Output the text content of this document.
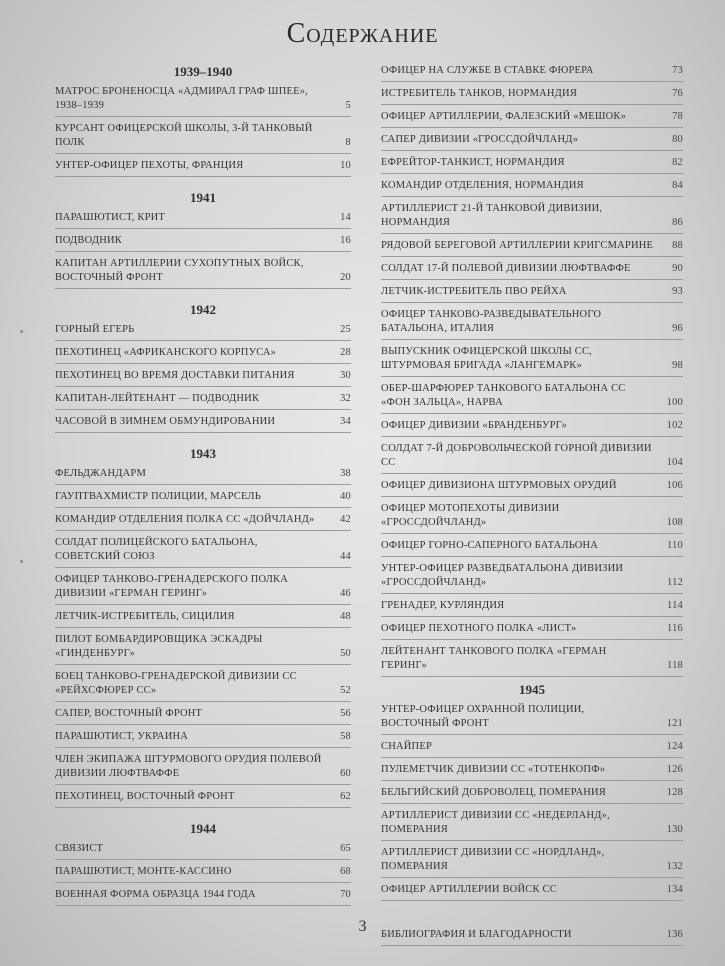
Содержание
1939–1940
МАТРОС БРОНЕНОСЦА «АДМИРАЛ ГРАФ ШПЕЕ», 1938–1939	5
КУРСАНТ ОФИЦЕРСКОЙ ШКОЛЫ, 3-Й ТАНКОВЫЙ ПОЛК	8
УНТЕР-ОФИЦЕР ПЕХОТЫ, ФРАНЦИЯ	10
1941
ПАРАШЮТИСТ, КРИТ	14
ПОДВОДНИК	16
КАПИТАН АРТИЛЛЕРИИ СУХОПУТНЫХ ВОЙСК, ВОСТОЧНЫЙ ФРОНТ	20
1942
ГОРНЫЙ ЕГЕРЬ	25
ПЕХОТИНЕЦ «АФРИКАНСКОГО КОРПУСА»	28
ПЕХОТИНЕЦ ВО ВРЕМЯ ДОСТАВКИ ПИТАНИЯ	30
КАПИТАН-ЛЕЙТЕНАНТ — ПОДВОДНИК	32
ЧАСОВОЙ В ЗИМНЕМ ОБМУНДИРОВАНИИ	34
1943
ФЕЛЬДЖАНДАРМ	38
ГАУПТВАХМИСТР ПОЛИЦИИ, МАРСЕЛЬ	40
КОМАНДИР ОТДЕЛЕНИЯ ПОЛКА СС «ДОЙЧЛАНД»	42
СОЛДАТ ПОЛИЦЕЙСКОГО БАТАЛЬОНА, СОВЕТСКИЙ СОЮЗ	44
ОФИЦЕР ТАНКОВО-ГРЕНАДЕРСКОГО ПОЛКА ДИВИЗИИ «ГЕРМАН ГЕРИНГ»	46
ЛЕТЧИК-ИСТРЕБИТЕЛЬ, СИЦИЛИЯ	48
ПИЛОТ БОМБАРДИРОВЩИКА ЭСКАДРЫ «ГИНДЕНБУРГ»	50
БОЕЦ ТАНКОВО-ГРЕНАДЕРСКОЙ ДИВИЗИИ СС «РЕЙХСФЮРЕР СС»	52
САПЕР, ВОСТОЧНЫЙ ФРОНТ	56
ПАРАШЮТИСТ, УКРАИНА	58
ЧЛЕН ЭКИПАЖА ШТУРМОВОГО ОРУДИЯ ПОЛЕВОЙ ДИВИЗИИ ЛЮФТВАФФЕ	60
ПЕХОТИНЕЦ, ВОСТОЧНЫЙ ФРОНТ	62
1944
СВЯЗИСТ	65
ПАРАШЮТИСТ, МОНТЕ-КАССИНО	68
ВОЕННАЯ ФОРМА ОБРАЗЦА 1944 ГОДА	70
ОФИЦЕР НА СЛУЖБЕ В СТАВКЕ ФЮРЕРА	73
ИСТРЕБИТЕЛЬ ТАНКОВ, НОРМАНДИЯ	76
ОФИЦЕР АРТИЛЛЕРИИ, ФАЛЕЗСКИЙ «МЕШОК»	78
САПЕР ДИВИЗИИ «ГРОССДОЙЧЛАНД»	80
ЕФРЕЙТОР-ТАНКИСТ, НОРМАНДИЯ	82
КОМАНДИР ОТДЕЛЕНИЯ, НОРМАНДИЯ	84
АРТИЛЛЕРИСТ 21-Й ТАНКОВОЙ ДИВИЗИИ, НОРМАНДИЯ	86
РЯДОВОЙ БЕРЕГОВОЙ АРТИЛЛЕРИИ КРИГСМАРИНЕ	88
СОЛДАТ 17-Й ПОЛЕВОЙ ДИВИЗИИ ЛЮФТВАФФЕ	90
ЛЕТЧИК-ИСТРЕБИТЕЛЬ ПВО РЕЙХА	93
ОФИЦЕР ТАНКОВО-РАЗВЕДЫВАТЕЛЬНОГО БАТАЛЬОНА, ИТАЛИЯ	96
ВЫПУСКНИК ОФИЦЕРСКОЙ ШКОЛЫ СС, ШТУРМОВАЯ БРИГАДА «ЛАНГЕМАРК»	98
ОБЕР-ШАРФЮРЕР ТАНКОВОГО БАТАЛЬОНА СС «ФОН ЗАЛЬЦА», НАРВА	100
ОФИЦЕР ДИВИЗИИ «БРАНДЕНБУРГ»	102
СОЛДАТ 7-Й ДОБРОВОЛЬЧЕСКОЙ ГОРНОЙ ДИВИЗИИ СС	104
ОФИЦЕР ДИВИЗИОНА ШТУРМОВЫХ ОРУДИЙ	106
ОФИЦЕР МОТОПЕХОТЫ ДИВИЗИИ «ГРОССДОЙЧЛАНД»	108
ОФИЦЕР ГОРНО-САПЕРНОГО БАТАЛЬОНА	110
УНТЕР-ОФИЦЕР РАЗВЕДБАТАЛЬОНА ДИВИЗИИ «ГРОССДОЙЧЛАНД»	112
ГРЕНАДЕР, КУРЛЯНДИЯ	114
ОФИЦЕР ПЕХОТНОГО ПОЛКА «ЛИСТ»	116
ЛЕЙТЕНАНТ ТАНКОВОГО ПОЛКА «ГЕРМАН ГЕРИНГ»	118
1945
УНТЕР-ОФИЦЕР ОХРАННОЙ ПОЛИЦИИ, ВОСТОЧНЫЙ ФРОНТ	121
СНАЙПЕР	124
ПУЛЕМЕТЧИК ДИВИЗИИ СС «ТОТЕНКОПФ»	126
БЕЛЬГИЙСКИЙ ДОБРОВОЛЕЦ, ПОМЕРАНИЯ	128
АРТИЛЛЕРИСТ ДИВИЗИИ СС «НЕДЕРЛАНД», ПОМЕРАНИЯ	130
АРТИЛЛЕРИСТ ДИВИЗИИ СС «НОРДЛАНД», ПОМЕРАНИЯ	132
ОФИЦЕР АРТИЛЛЕРИИ ВОЙСК СС	134
БИБЛИОГРАФИЯ И БЛАГОДАРНОСТИ	136
3
